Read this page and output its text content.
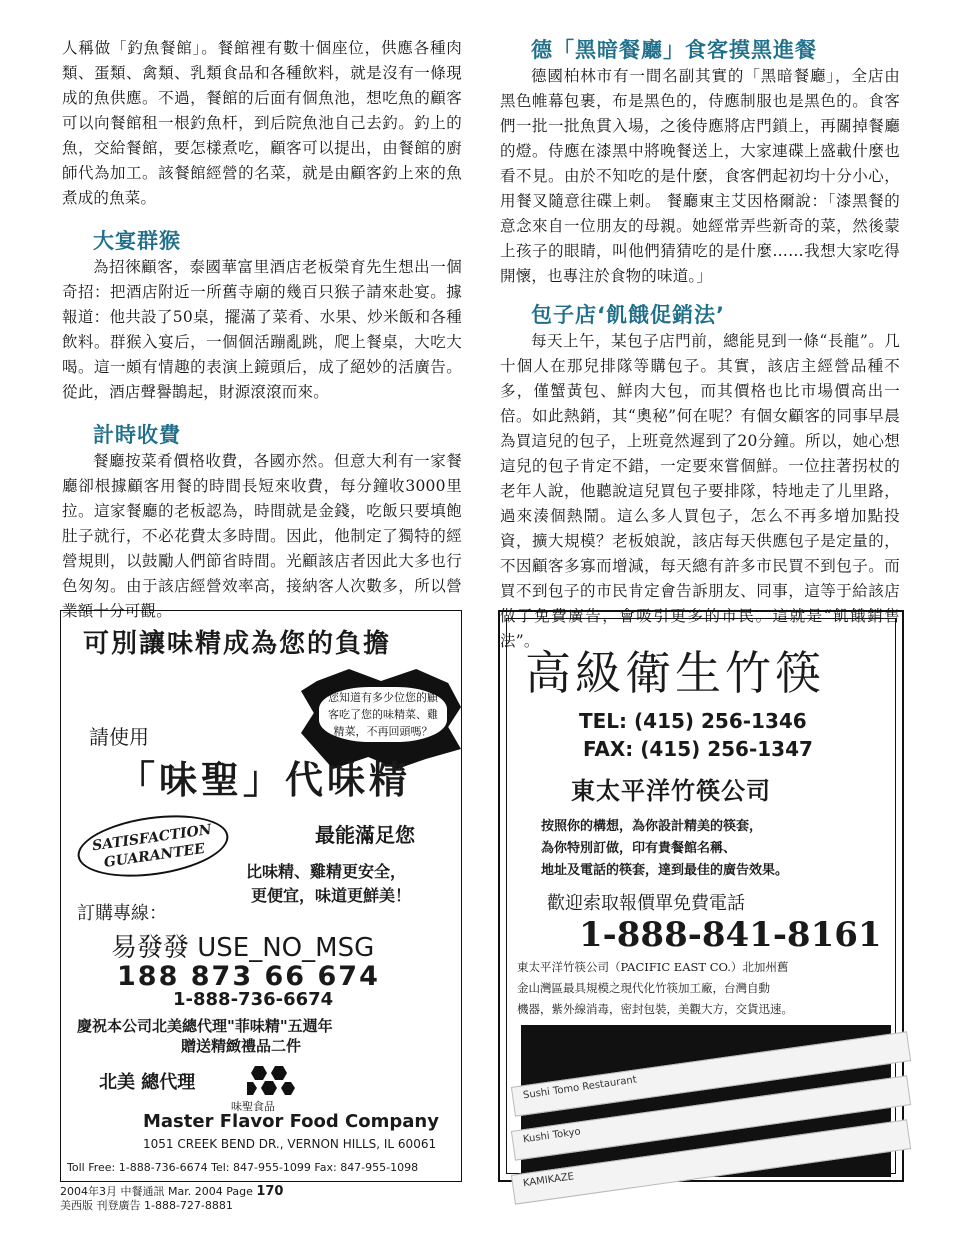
人稱做「釣魚餐館」。餐館裡有數十個座位，供應各種肉類、蛋類、禽類、乳類食品和各種飲料，就是沒有一條現成的魚供應。不過，餐館的后面有個魚池，想吃魚的顧客可以向餐館租一根釣魚杆，到后院魚池自己去釣。釣上的魚，交給餐館，要怎樣煮吃，顧客可以提出，由餐館的廚師代為加工。該餐館經營的名菜，就是由顧客釣上來的魚煮成的魚菜。

大宴群猴

為招徠顧客，泰國華富里酒店老板榮育先生想出一個奇招：把酒店附近一所舊寺廟的幾百只猴子請來赴宴。據報道：他共設了50桌，擺滿了菜肴、水果、炒米飯和各種飲料。群猴入宴后，一個個活蹦亂跳，爬上餐桌，大吃大喝。這一頗有情趣的表演上鏡頭后，成了絕妙的活廣告。從此，酒店聲譽鵲起，財源滾滾而來。

計時收費

餐廳按菜肴價格收費，各國亦然。但意大利有一家餐廳卻根據顧客用餐的時間長短來收費，每分鐘收3000里拉。這家餐廳的老板認為，時間就是金錢，吃飯只要填飽肚子就行，不必花費太多時間。因此，他制定了獨特的經營規則，以鼓勵人們節省時間。光顧該店者因此大多也行色匆匆。由于該店經營效率高，接納客人次數多，所以營業額十分可觀。

德「黑暗餐廳」食客摸黑進餐

德國柏林市有一間名副其實的「黑暗餐廳」，全店由黑色帷幕包裹，布是黑色的，侍應制服也是黑色的。食客們一批一批魚貫入場，之後侍應將店門鎖上，再關掉餐廳的燈。侍應在漆黑中將晚餐送上，大家連碟上盛載什麼也看不見。由於不知吃的是什麼，食客們起初均十分小心，用餐叉隨意往碟上刺。 餐廳東主艾因格爾說：「漆黑餐的意念來自一位朋友的母親。她經常弄些新奇的菜，然後蒙上孩子的眼睛，叫他們猜猜吃的是什麼……我想大家吃得開懷，也專注於食物的味道。」

包子店‘飢餓促銷法’

每天上午，某包子店門前，總能見到一條“長龍”。几十個人在那兒排隊等購包子。其實，該店主經營品種不多，僅蟹黃包、鮮肉大包，而其價格也比市場價高出一倍。如此熱銷，其“奧秘”何在呢？有個女顧客的同事早晨為買這兒的包子，上班竟然遲到了20分鐘。所以，她心想這兒的包子肯定不錯，一定要來嘗個鮮。一位拄著拐杖的老年人說，他聽說這兒買包子要排隊，特地走了儿里路，過來湊個熱鬧。這么多人買包子，怎么不再多增加點投資，擴大規模？老板娘說，該店每天供應包子是定量的，不因顧客多寡而增減，每天總有許多市民買不到包子。而買不到包子的市民肯定會告訴朋友、同事，這等于給該店做了免費廣告，會吸引更多的市民。這就是“飢餓銷售法”。

可別讓味精成為您的負擔
您知道有多少位您的顧客吃了您的味精菜、雞精菜，不再回頭嗎？
請使用
「味聖」代味精
SATISFACTION GUARANTEE
最能滿足您
比味精、雞精更安全，
更便宜，味道更鮮美！
訂購專線：
易發發 USE_NO_MSG
188 873 66 674
1-888-736-6674
慶祝本公司北美總代理"菲味精"五週年
贈送精緻禮品二件
北美 總代理
味聖食品
Master Flavor Food Company
1051 CREEK BEND DR., VERNON HILLS, IL 60061
Toll Free: 1-888-736-6674 Tel: 847-955-1099 Fax: 847-955-1098
高級衛生竹筷
TEL: (415) 256-1346
FAX: (415) 256-1347
東太平洋竹筷公司
按照你的構想，為你設計精美的筷套，
為你特別訂做，印有貴餐館名稱、
地址及電話的筷套，達到最佳的廣告效果。
歡迎索取報價單免費電話
1-888-841-8161
東太平洋竹筷公司（PACIFIC EAST CO.）北加州舊
金山灣區最具規模之現代化竹筷加工廠，台灣自動
機器，紫外線消毒，密封包裝，美觀大方，交貨迅速。
Sushi Tomo Restaurant
Kushi Tokyo
KAMIKAZE
2004年3月 中餐通訊 Mar. 2004 Page 170
美西版 刊登廣告 1-888-727-8881
